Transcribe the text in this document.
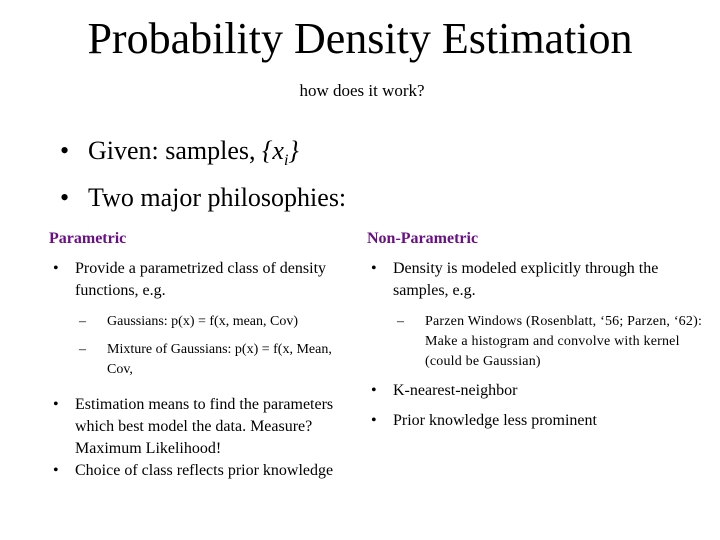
Probability Density Estimation
how does it work?
• Given: samples, $\{x_i\}$
• Two major philosophies:
Parametric
•	Provide a parametrized class of density functions, e.g.
–	Gaussians: p(x) = f(x, mean, Cov)
–	Mixture of Gaussians: p(x) = f(x, Mean, Cov,
•	Estimation means to find the parameters which best model the data. Measure? Maximum Likelihood!
•	Choice of class reflects prior knowledge
Non-Parametric
•	Density is modeled explicitly through the samples, e.g.
–	Parzen Windows (Rosenblatt, ‘56; Parzen, ‘62): Make a histogram and convolve with kernel (could be Gaussian)
•	K-nearest-neighbor
•	Prior knowledge less prominent
